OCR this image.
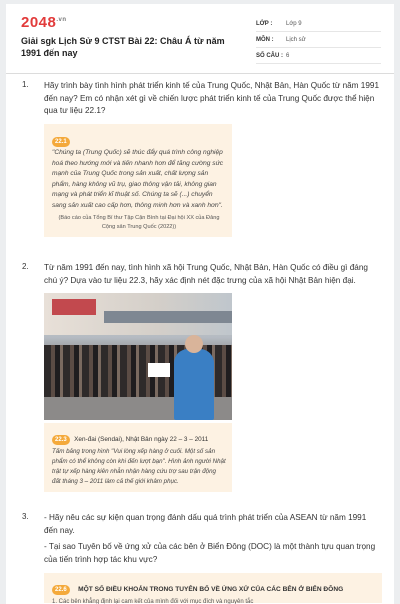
$2048^{.vn}$
Giải sgk Lịch Sử 9 CTST Bài 22: Châu Á từ năm 1991 đến nay
LỚP :	Lớp 9
MÔN :	Lịch sử
SỐ CÂU : 6
1. Hãy trình bày tình hình phát triển kinh tế của Trung Quốc, Nhật Bản, Hàn Quốc từ năm 1991 đến nay? Em có nhận xét gì về chiến lược phát triển kinh tế của Trung Quốc được thể hiện qua tư liệu 22.1?
22.1
"Chúng ta (Trung Quốc) sẽ thúc đẩy quá trình công nghiệp hoá theo hướng mới và tiến nhanh hơn để tăng cường sức mạnh của Trung Quốc trong sản xuất, chất lượng sản phẩm, hàng không vũ trụ, giao thông vận tải, không gian mạng và phát triển kĩ thuật số. Chúng ta sẽ (...) chuyển sang sản xuất cao cấp hơn, thông minh hơn và xanh hơn".
(Báo cáo của Tổng Bí thư Tập Cận Bình tại Đại hội XX của Đảng Cộng sản Trung Quốc (2022))
2. Từ năm 1991 đến nay, tình hình xã hội Trung Quốc, Nhật Bản, Hàn Quốc có điều gì đáng chú ý? Dựa vào tư liệu 22.3, hãy xác định nét đặc trưng của xã hội Nhật Bản hiện đại.
22.3 Xen-đai (Sendai), Nhật Bản ngày 22 – 3 – 2011
Tấm bảng trong hình "Vui lòng xếp hàng ở cuối. Một số sản phẩm có thể không còn khi đến lượt bạn". Hình ảnh người Nhật trật tự xếp hàng kiên nhẫn nhận hàng cứu trợ sau trận động đất tháng 3 – 2011 làm cả thế giới khâm phục.
3. - Hãy nêu các sự kiện quan trọng đánh dấu quá trình phát triển của ASEAN từ năm 1991 đến nay.
- Tại sao Tuyên bố về ứng xử của các bên ở Biển Đông (DOC) là một thành tựu quan trọng của tiến trình hợp tác khu vực?
22.6 MỘT SỐ ĐIỀU KHOẢN TRONG TUYÊN BỐ VỀ ỨNG XỬ CỦA CÁC BÊN Ở BIỂN ĐÔNG
1. Các bên khẳng định lại cam kết của mình đối với mục đích và nguyên tắc
